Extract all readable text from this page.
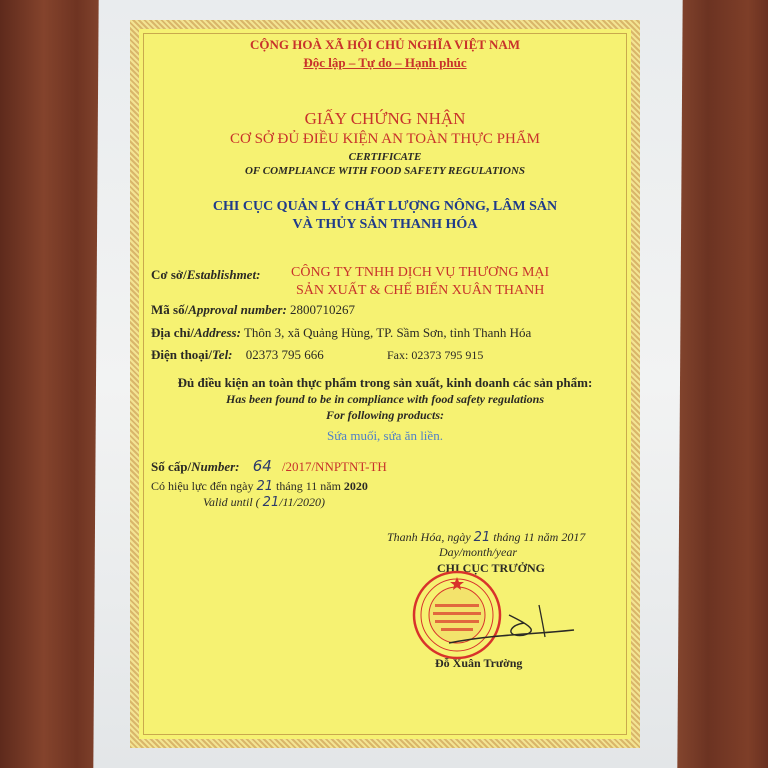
CỘNG HOÀ XÃ HỘI CHỦ NGHĨA VIỆT NAM
Độc lập – Tự do – Hạnh phúc
GIẤY CHỨNG NHẬN
CƠ SỞ ĐỦ ĐIỀU KIỆN AN TOÀN THỰC PHẨM
CERTIFICATE
OF COMPLIANCE WITH FOOD SAFETY REGULATIONS
CHI CỤC QUẢN LÝ CHẤT LƯỢNG NÔNG, LÂM SẢN
VÀ THỦY SẢN THANH HÓA
Cơ sở/Establishmet: CÔNG TY TNHH DỊCH VỤ THƯƠNG MẠI
SẢN XUẤT & CHẾ BIẾN XUÂN THANH
Mã số/Approval number: 2800710267
Địa chỉ/Address: Thôn 3, xã Quảng Hùng, TP. Sầm Sơn, tỉnh Thanh Hóa
Điện thoại/Tel: 02373 795 666	Fax: 02373 795 915
Đủ điều kiện an toàn thực phẩm trong sản xuất, kinh doanh các sản phẩm:
Has been found to be in compliance with food safety regulations
For following products:
Sứa muối, sứa ăn liền.
Số cấp/Number: 64 /2017/NNPTNT-TH
Có hiệu lực đến ngày 21 tháng 11 năm 2020
Valid until ( 21/11/2020)
Thanh Hóa, ngày 21 tháng 11 năm 2017
Day/month/year
CHI CỤC TRƯỞNG
Đỗ Xuân Trường
